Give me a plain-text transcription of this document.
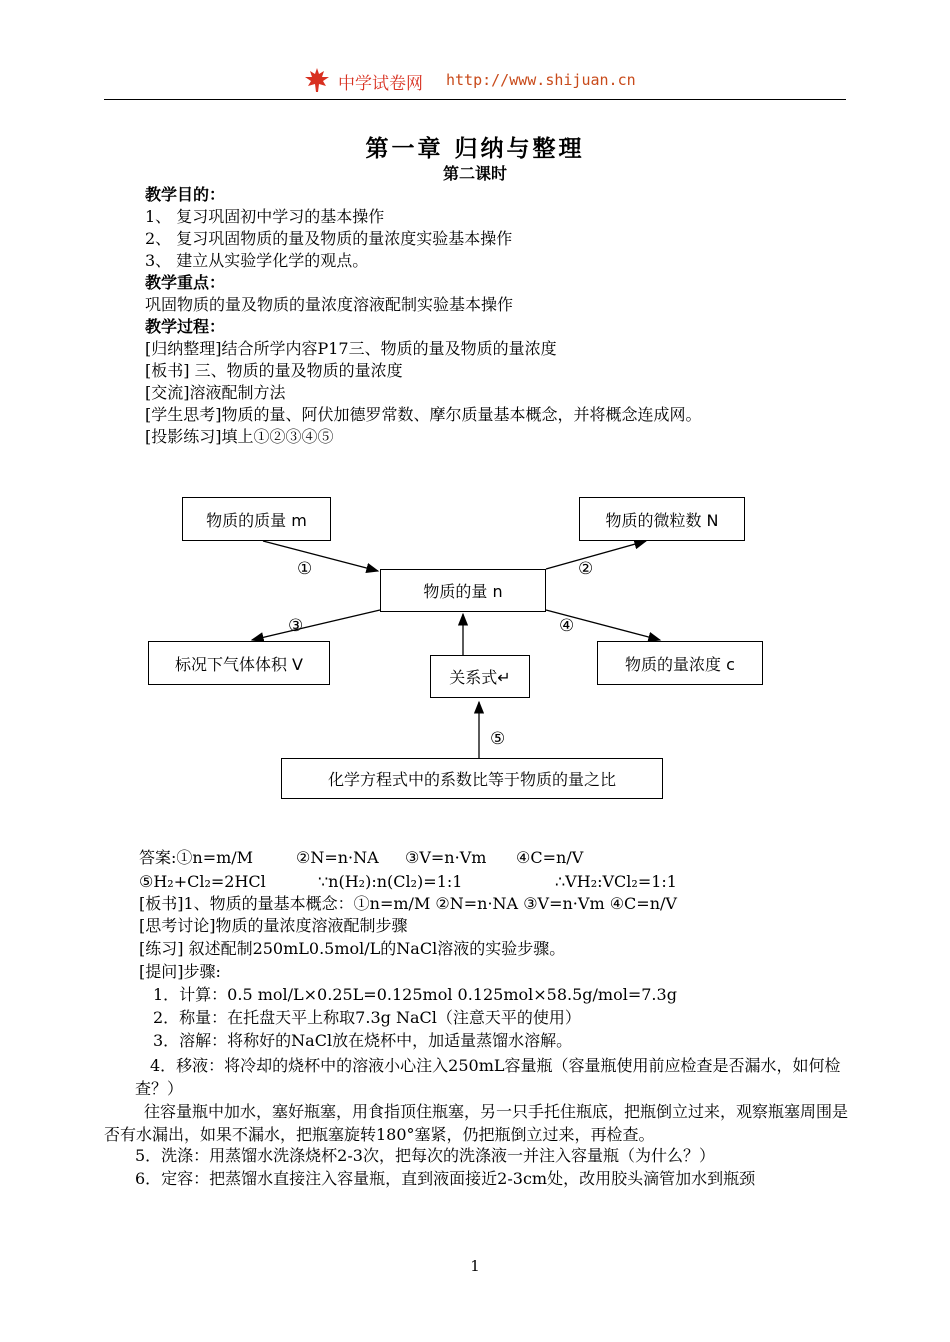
中学试卷网 http://www.shijuan.cn
第一章 归纳与整理
第二课时
教学目的：
1、 复习巩固初中学习的基本操作
2、 复习巩固物质的量及物质的量浓度实验基本操作
3、 建立从实验学化学的观点。
教学重点：
巩固物质的量及物质的量浓度溶液配制实验基本操作
教学过程：
[归纳整理]结合所学内容P17三、物质的量及物质的量浓度
[板书] 三、物质的量及物质的量浓度
[交流]溶液配制方法
[学生思考]物质的量、阿伏加德罗常数、摩尔质量基本概念，并将概念连成网。
[投影练习]填上①②③④⑤
物质的质量 m	物质的微粒数 N
物质的量 n
标况下气体体积 V
关系式↵
物质的量浓度 c
化学方程式中的系数比等于物质的量之比
①	②
③	④
⑤
答案:①n=m/M	②N=n·NA ③V=n·Vm ④C=n/V
⑤H₂+Cl₂=2HCl	∵n(H₂):n(Cl₂)=1:1	∴VH₂:VCl₂=1:1
[板书]1、物质的量基本概念：①n=m/M ②N=n·NA ③V=n·Vm ④C=n/V
[思考讨论]物质的量浓度溶液配制步骤
[练习] 叙述配制250mL0.5mol/L的NaCl溶液的实验步骤。
[提问]步骤:
1．计算：0.5 mol/L×0.25L=0.125mol 0.125mol×58.5g/mol=7.3g
2．称量：在托盘天平上称取7.3g NaCl（注意天平的使用）
3．溶解：将称好的NaCl放在烧杯中，加适量蒸馏水溶解。
4．移液：将冷却的烧杯中的溶液小心注入250mL容量瓶（容量瓶使用前应检查是否漏水，如何检查？）
往容量瓶中加水，塞好瓶塞，用食指顶住瓶塞，另一只手托住瓶底，把瓶倒立过来，观察瓶塞周围是否有水漏出，如果不漏水，把瓶塞旋转180°塞紧，仍把瓶倒立过来，再检查。
5．洗涤：用蒸馏水洗涤烧杯2-3次，把每次的洗涤液一并注入容量瓶（为什么？）
6．定容：把蒸馏水直接注入容量瓶，直到液面接近2-3cm处，改用胶头滴管加水到瓶颈
1
